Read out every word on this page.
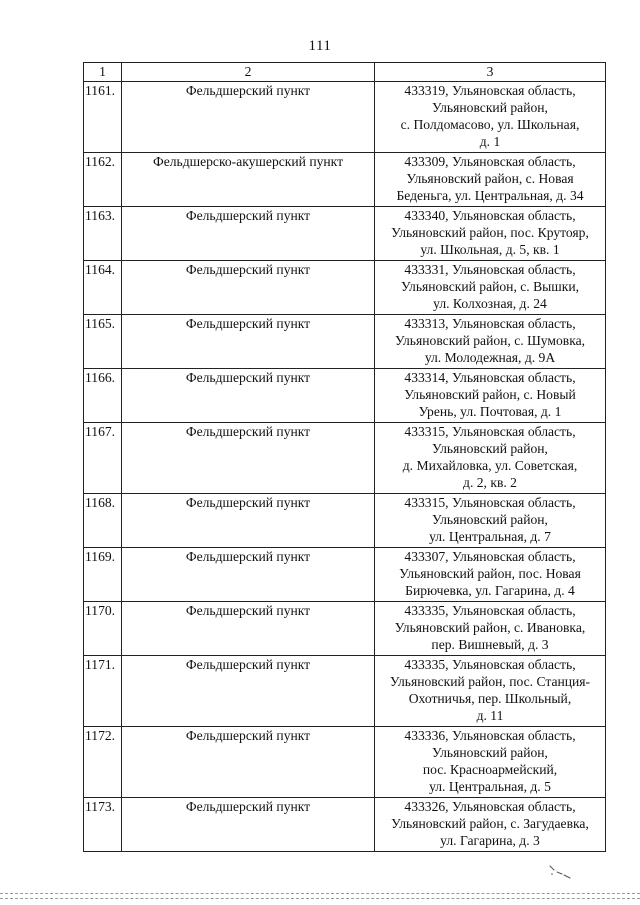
111
1	2	3
1161.	Фельдшерский пункт	433319, Ульяновская область,
Ульяновский район,
с. Полдомасово, ул. Школьная,
д. 1
1162.	Фельдшерско-акушерский пункт	433309, Ульяновская область,
Ульяновский район, с. Новая
Беденьга, ул. Центральная, д. 34
1163.	Фельдшерский пункт	433340, Ульяновская область,
Ульяновский район, пос. Крутояр,
ул. Школьная, д. 5, кв. 1
1164.	Фельдшерский пункт	433331, Ульяновская область,
Ульяновский район, с. Вышки,
ул. Колхозная, д. 24
1165.	Фельдшерский пункт	433313, Ульяновская область,
Ульяновский район, с. Шумовка,
ул. Молодежная, д. 9А
1166.	Фельдшерский пункт	433314, Ульяновская область,
Ульяновский район, с. Новый
Урень, ул. Почтовая, д. 1
1167.	Фельдшерский пункт	433315, Ульяновская область,
Ульяновский район,
д. Михайловка, ул. Советская,
д. 2, кв. 2
1168.	Фельдшерский пункт	433315, Ульяновская область,
Ульяновский район,
ул. Центральная, д. 7
1169.	Фельдшерский пункт	433307, Ульяновская область,
Ульяновский район, пос. Новая
Бирючевка, ул. Гагарина, д. 4
1170.	Фельдшерский пункт	433335, Ульяновская область,
Ульяновский район, с. Ивановка,
пер. Вишневый, д. 3
1171.	Фельдшерский пункт	433335, Ульяновская область,
Ульяновский район, пос. Станция-
Охотничья, пер. Школьный,
д. 11
1172.	Фельдшерский пункт	433336, Ульяновская область,
Ульяновский район,
пос. Красноармейский,
ул. Центральная, д. 5
1173.	Фельдшерский пункт	433326, Ульяновская область,
Ульяновский район, с. Загудаевка,
ул. Гагарина, д. 3
